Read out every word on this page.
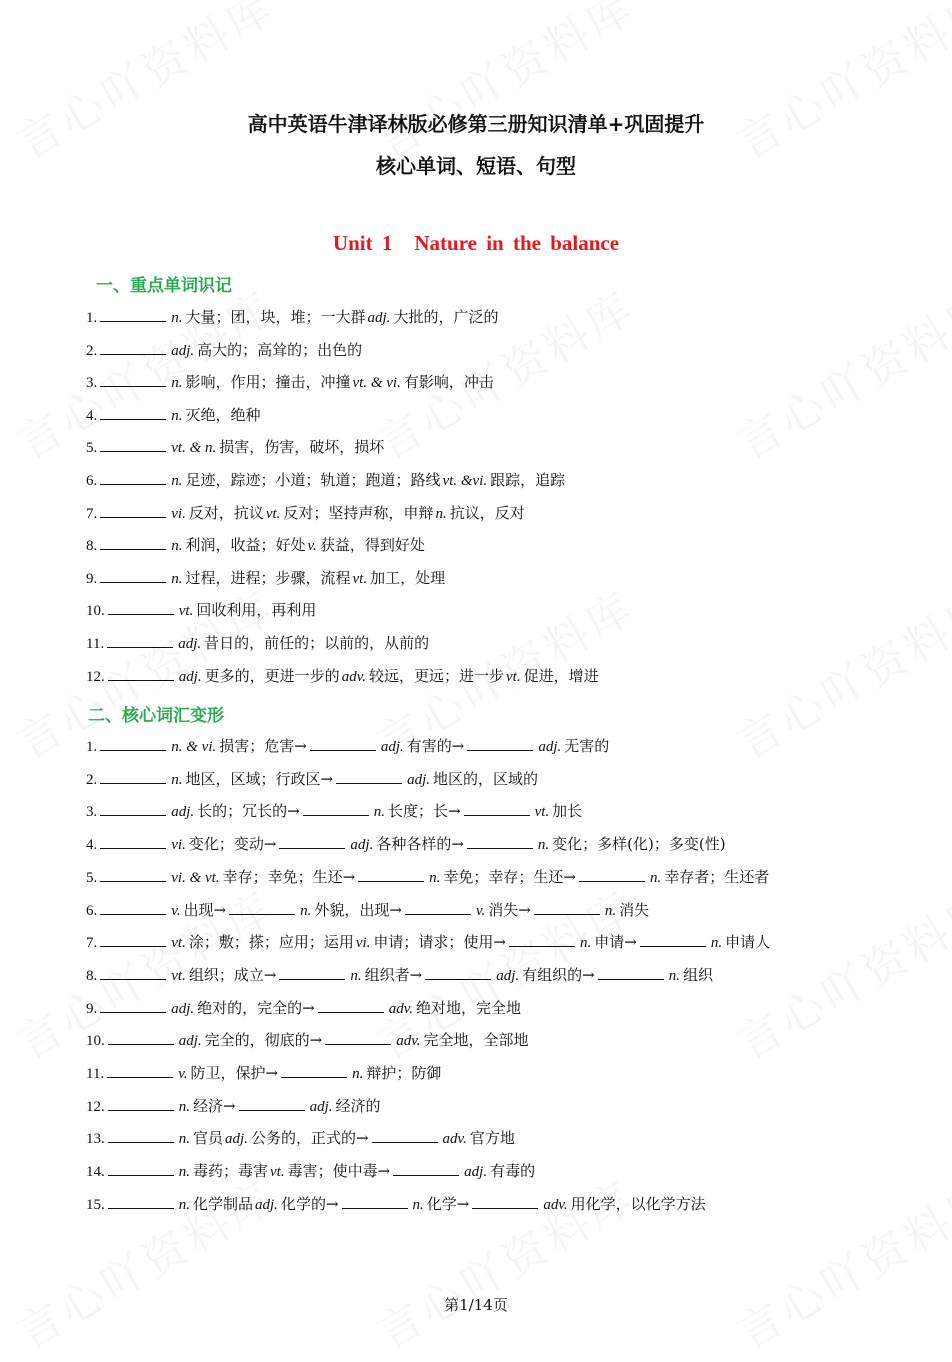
高中英语牛津译林版必修第三册知识清单+巩固提升
核心单词、短语、句型
Unit 1 Nature in the balance
一、重点单词识记
1.	n. 大量；团，块，堆；一大群 adj. 大批的，广泛的
2.	adj. 高大的；高耸的；出色的
3.	n. 影响，作用；撞击，冲撞 vt. & vi. 有影响，冲击
4.	n. 灭绝，绝种
5.	vt. & n. 损害，伤害，破坏，损坏
6.	n. 足迹，踪迹；小道；轨道；跑道；路线 vt. &vi. 跟踪，追踪
7.	vi. 反对，抗议 vt. 反对；坚持声称，申辩 n. 抗议，反对
8.	n. 利润，收益；好处 v. 获益，得到好处
9.	n. 过程，进程；步骤，流程 vt. 加工，处理
10.	vt. 回收利用，再利用
11.	adj. 昔日的，前任的；以前的，从前的
12.	adj. 更多的，更进一步的 adv. 较远，更远；进一步 vt. 促进，增进
二、核心词汇变形
1.	n. & vi. 损害；危害→	adj. 有害的→	adj. 无害的
2.	n. 地区，区域；行政区→	adj. 地区的，区域的
3.	adj. 长的；冗长的→	n. 长度；长→	vt. 加长
4.	vi. 变化；变动→	adj. 各种各样的→	n. 变化；多样(化)；多变(性)
5.	vi. & vt. 幸存；幸免；生还→	n. 幸免；幸存；生还→	n. 幸存者；生还者
6.	v. 出现→	n. 外貌，出现→	v. 消失→	n. 消失
7.	vt. 涂；敷；搽；应用；运用 vi. 申请；请求；使用→	n. 申请→	n. 申请人
8.	vt. 组织；成立→	n. 组织者→	adj. 有组织的→	n. 组织
9.	adj. 绝对的，完全的→	adv. 绝对地，完全地
10.	adj. 完全的，彻底的→	adv. 完全地，全部地
11.	v. 防卫，保护→	n. 辩护；防御
12.	n. 经济→	adj. 经济的
13.	n. 官员 adj. 公务的，正式的→	adv. 官方地
14.	n. 毒药；毒害 vt. 毒害；使中毒→	adj. 有毒的
15.	n. 化学制品 adj. 化学的→	n. 化学→	adv. 用化学，以化学方法
第1/14页
